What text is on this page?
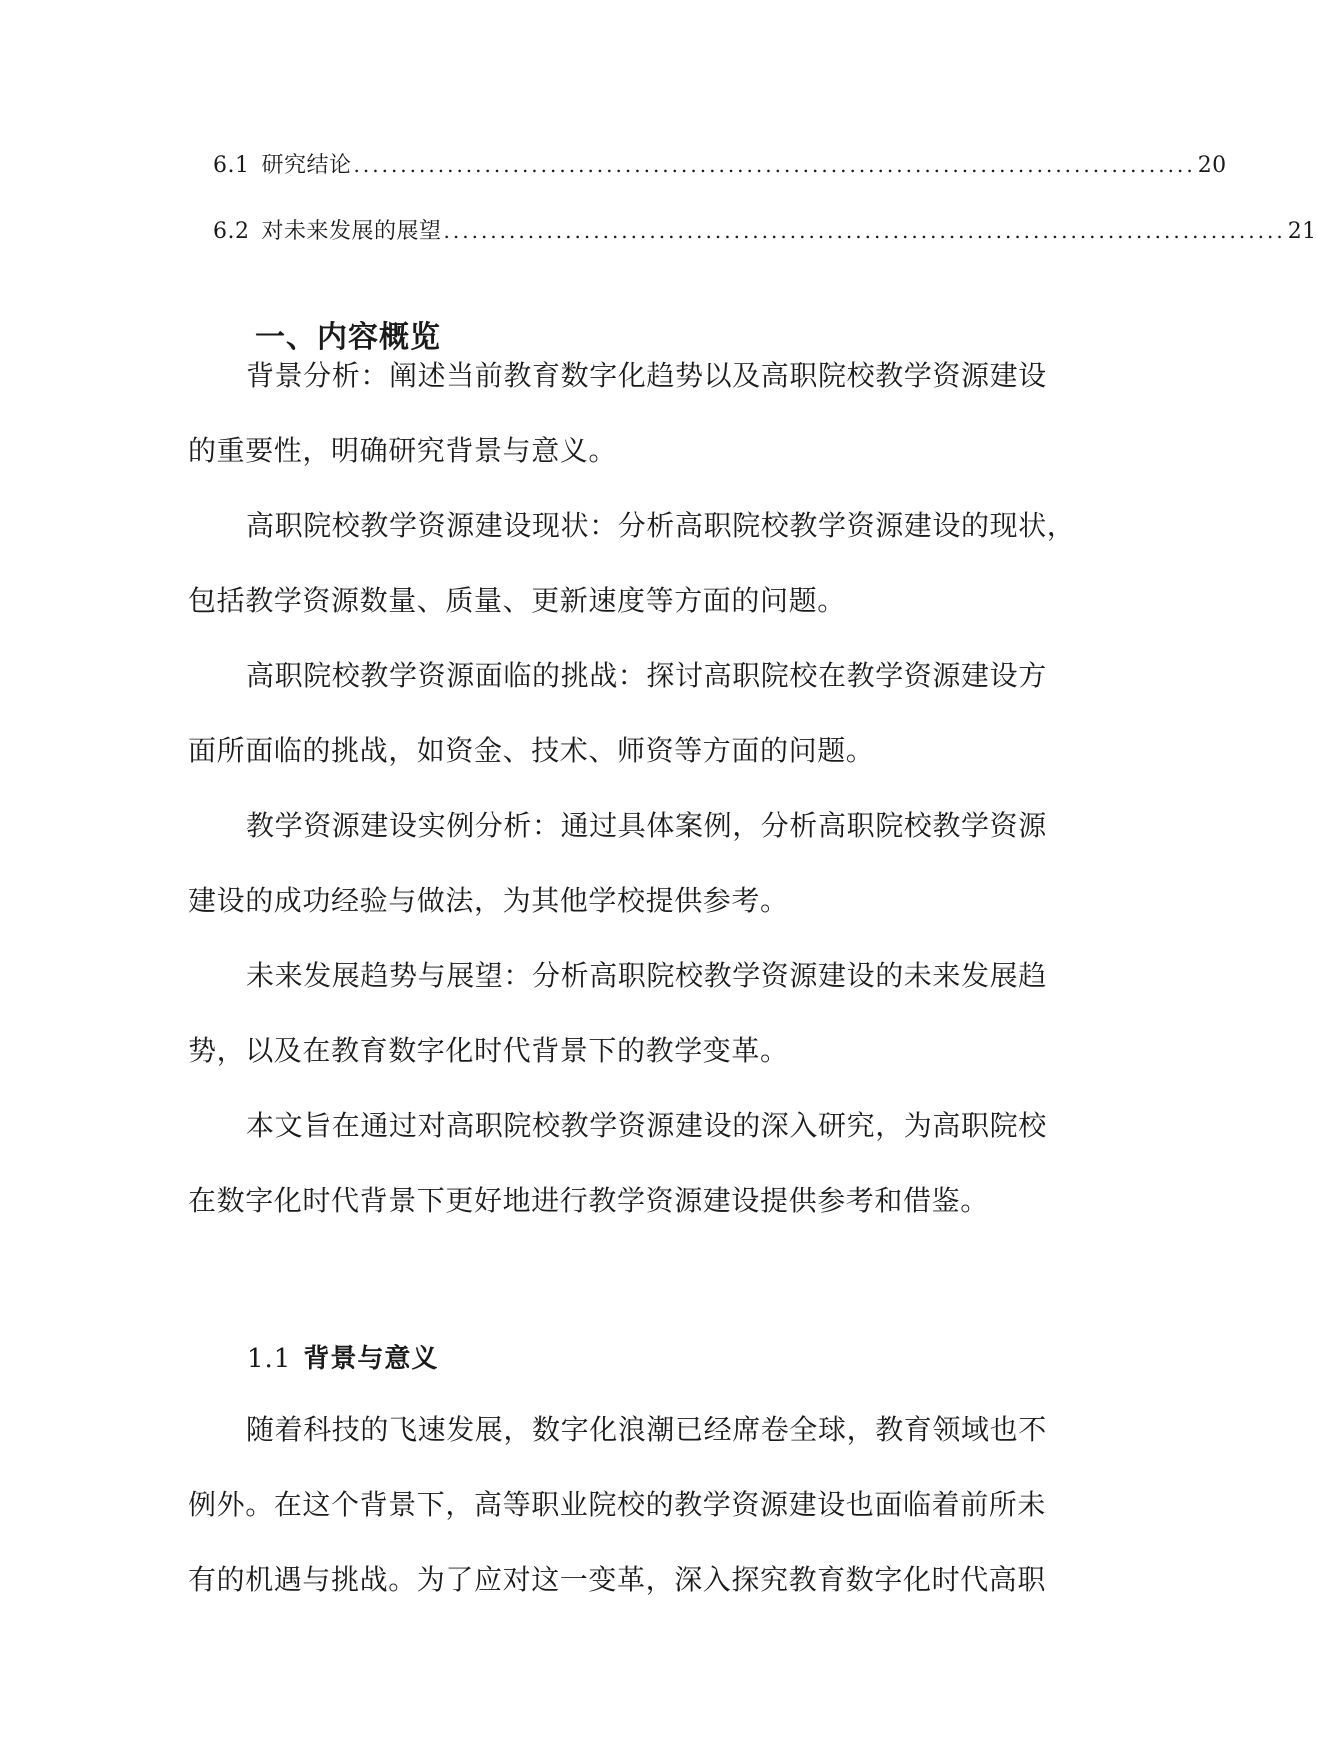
6.1 研究结论 .......................................................................................... 20
6.2 对未来发展的展望 .......................................................................................... 21
一、内容概览
背景分析：阐述当前教育数字化趋势以及高职院校教学资源建设
的重要性，明确研究背景与意义。
高职院校教学资源建设现状：分析高职院校教学资源建设的现状，
包括教学资源数量、质量、更新速度等方面的问题。
高职院校教学资源面临的挑战：探讨高职院校在教学资源建设方
面所面临的挑战，如资金、技术、师资等方面的问题。
教学资源建设实例分析：通过具体案例，分析高职院校教学资源
建设的成功经验与做法，为其他学校提供参考。
未来发展趋势与展望：分析高职院校教学资源建设的未来发展趋
势，以及在教育数字化时代背景下的教学变革。
本文旨在通过对高职院校教学资源建设的深入研究，为高职院校
在数字化时代背景下更好地进行教学资源建设提供参考和借鉴。
1.1 背景与意义
随着科技的飞速发展，数字化浪潮已经席卷全球，教育领域也不
例外。在这个背景下，高等职业院校的教学资源建设也面临着前所未
有的机遇与挑战。为了应对这一变革，深入探究教育数字化时代高职
